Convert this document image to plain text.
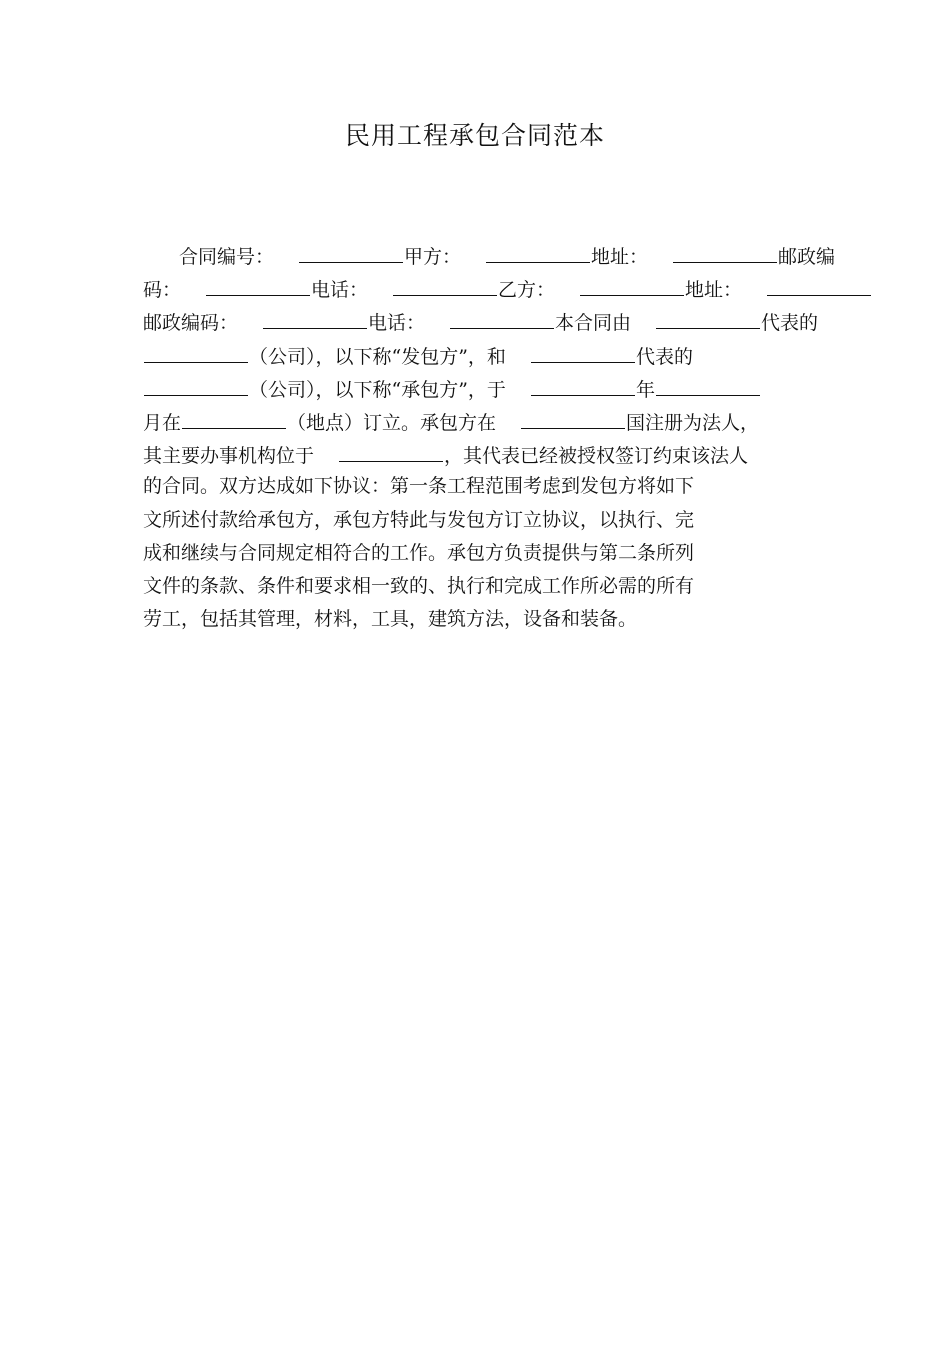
民用工程承包合同范本
合同编号：	甲方：	地址：	邮政编
码：	电话：	乙方：	地址：
邮政编码：	电话：	本合同由	代表的
（公司），以下称“发包方”，和	代表的
（公司），以下称“承包方”，于	年
月在	（地点）订立。承包方在	国注册为法人，
其主要办事机构位于	，其代表已经被授权签订约束该法人
的合同。双方达成如下协议：第一条工程范围考虑到发包方将如下
文所述付款给承包方，承包方特此与发包方订立协议，以执行、完
成和继续与合同规定相符合的工作。承包方负责提供与第二条所列
文件的条款、条件和要求相一致的、执行和完成工作所必需的所有
劳工，包括其管理，材料，工具，建筑方法，设备和装备。
